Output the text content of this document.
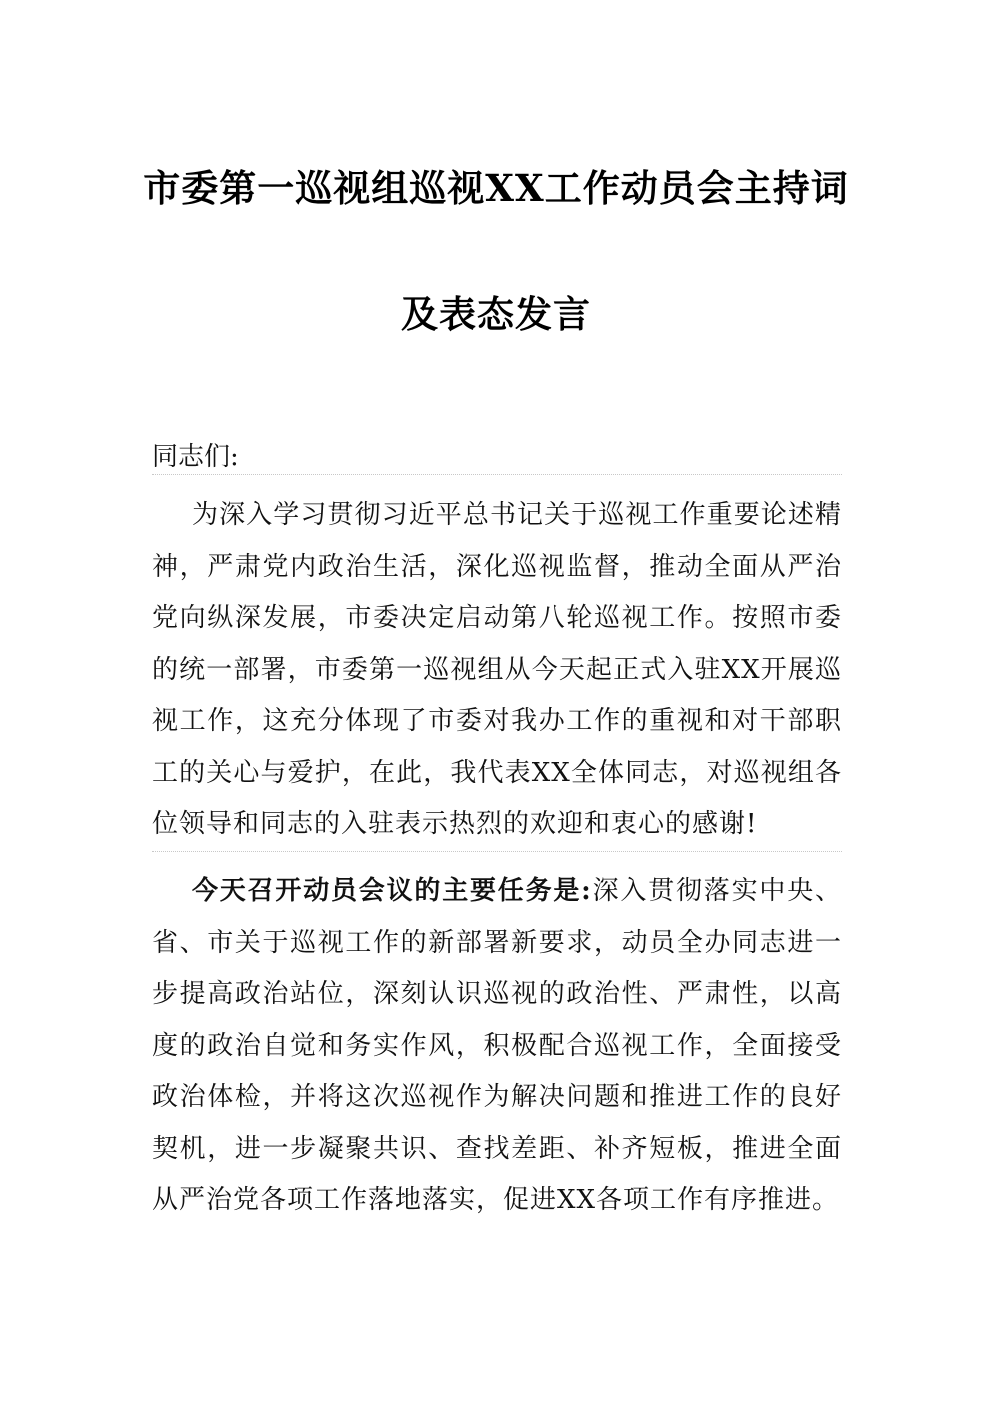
市委第一巡视组巡视XX工作动员会主持词
及表态发言
同志们:

为深入学习贯彻习近平总书记关于巡视工作重要论述精神，严肃党内政治生活，深化巡视监督，推动全面从严治党向纵深发展，市委决定启动第八轮巡视工作。按照市委的统一部署，市委第一巡视组从今天起正式入驻XX开展巡视工作，这充分体现了市委对我办工作的重视和对干部职工的关心与爱护，在此，我代表XX全体同志，对巡视组各位领导和同志的入驻表示热烈的欢迎和衷心的感谢!

今天召开动员会议的主要任务是:深入贯彻落实中央、省、市关于巡视工作的新部署新要求，动员全办同志进一步提高政治站位，深刻认识巡视的政治性、严肃性，以高度的政治自觉和务实作风，积极配合巡视工作，全面接受政治体检，并将这次巡视作为解决问题和推进工作的良好契机，进一步凝聚共识、查找差距、补齐短板，推进全面从严治党各项工作落地落实，促进XX各项工作有序推进。
